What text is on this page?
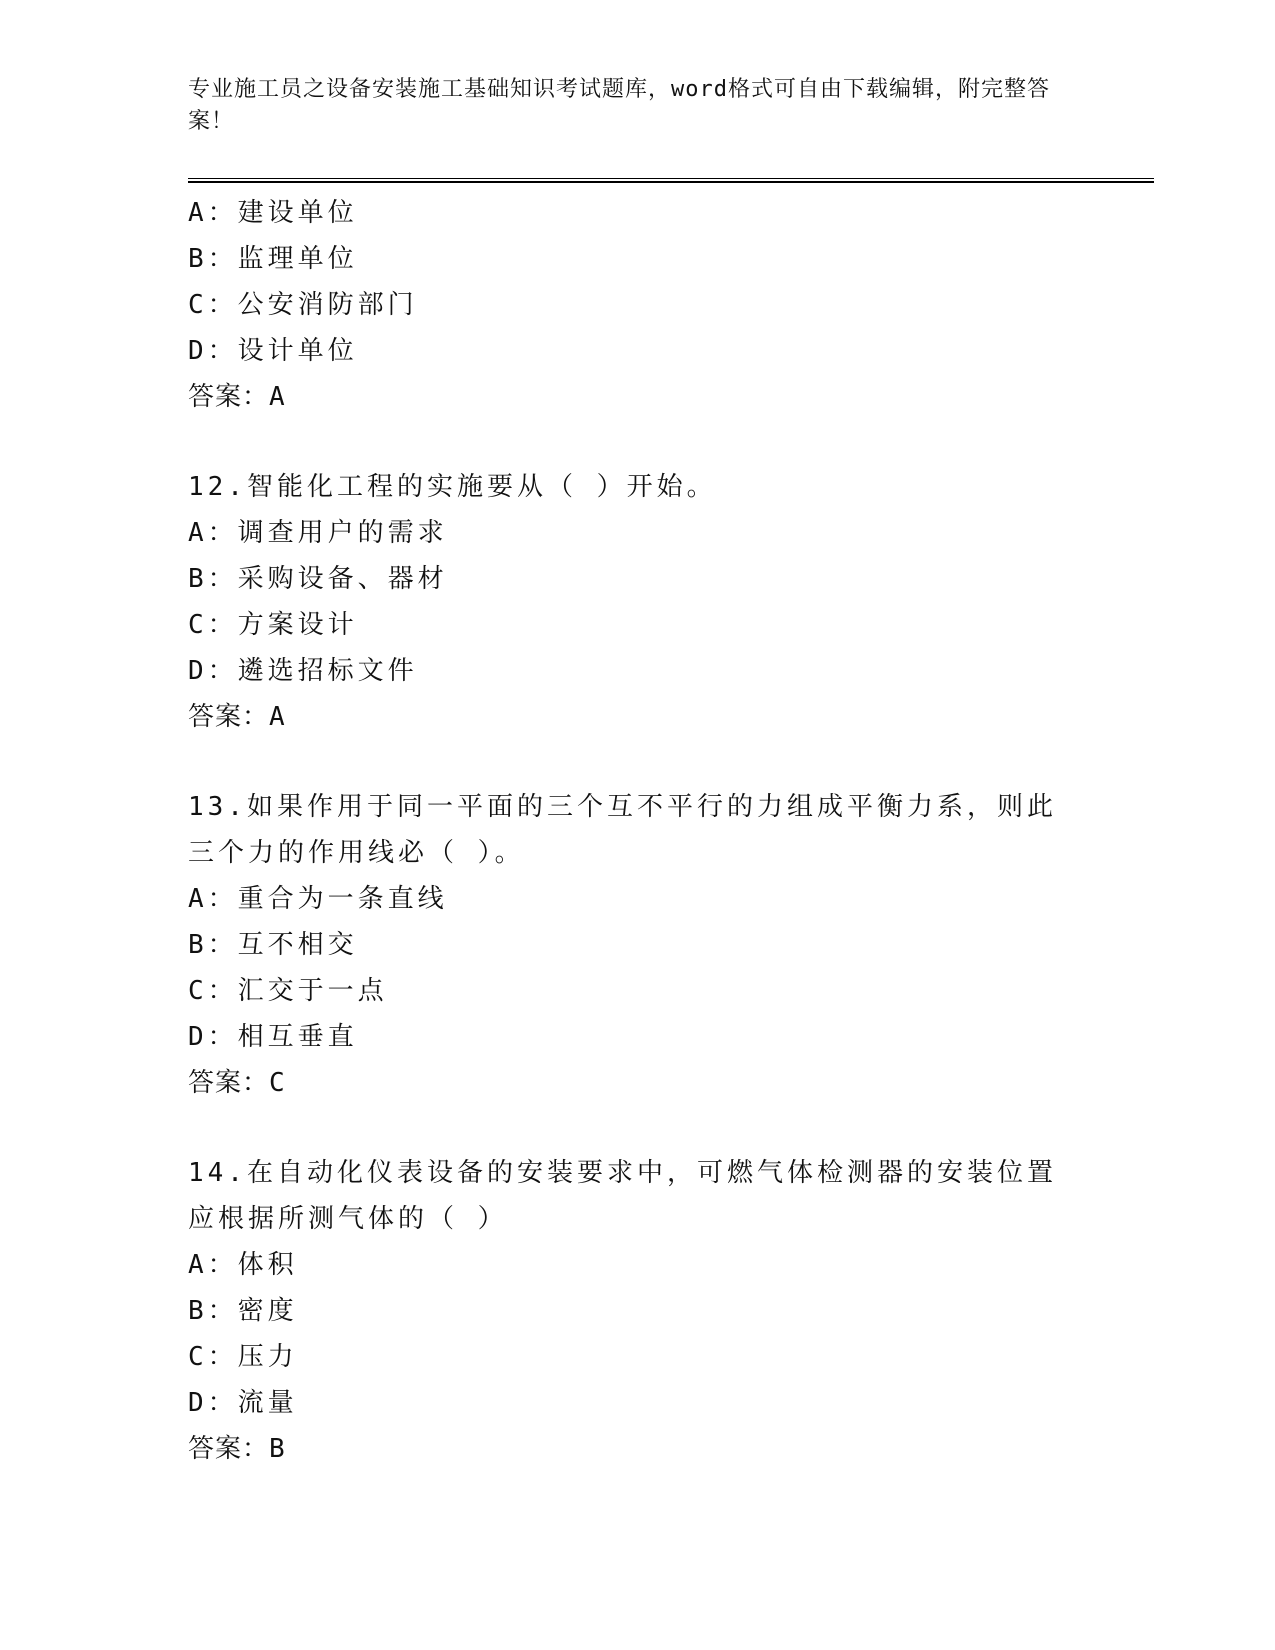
专业施工员之设备安装施工基础知识考试题库，word格式可自由下载编辑，附完整答案！
A：建设单位
B：监理单位
C：公安消防部门
D：设计单位
答案：A
12.智能化工程的实施要从（ ）开始。
A：调查用户的需求
B：采购设备、器材
C：方案设计
D：遴选招标文件
答案：A
13.如果作用于同一平面的三个互不平行的力组成平衡力系，则此三个力的作用线必（ ）。
A：重合为一条直线
B：互不相交
C：汇交于一点
D：相互垂直
答案：C
14.在自动化仪表设备的安装要求中，可燃气体检测器的安装位置应根据所测气体的（ ）
A：体积
B：密度
C：压力
D：流量
答案：B
